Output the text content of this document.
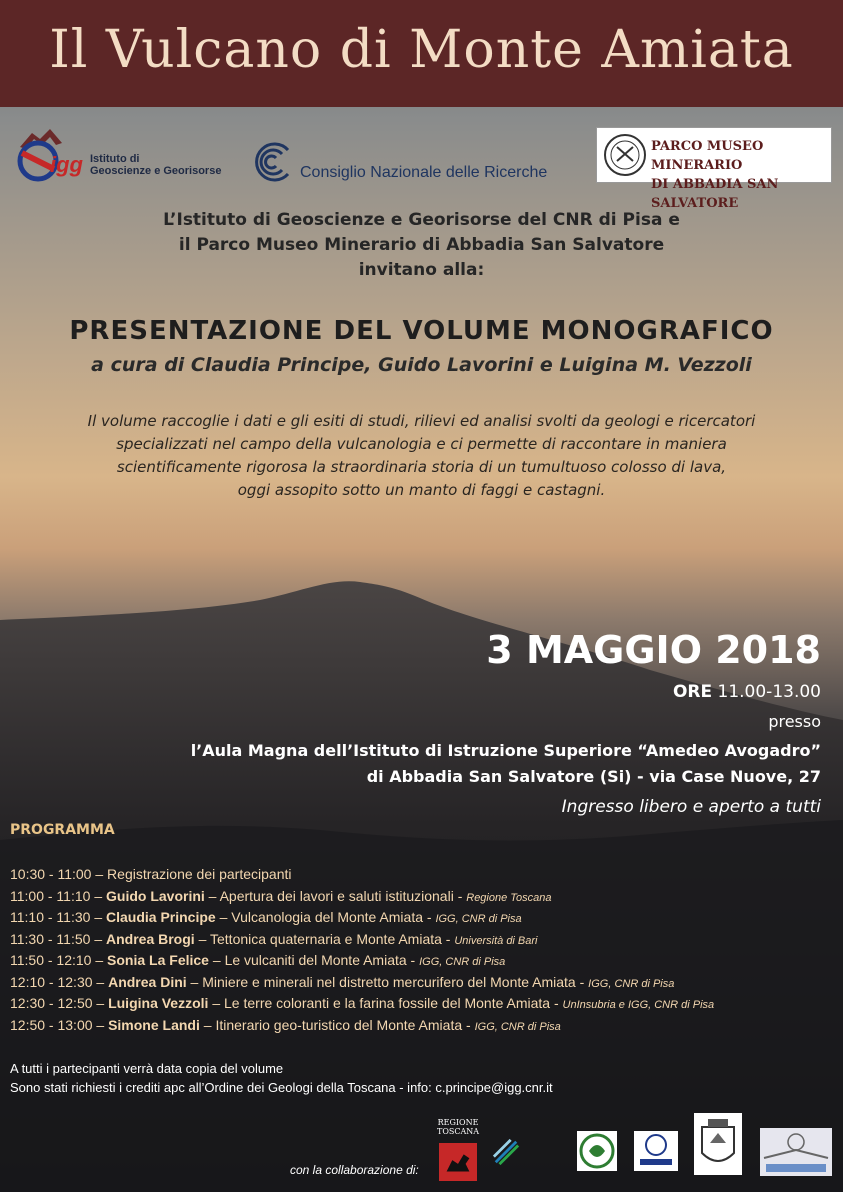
Il Vulcano di Monte Amiata
igg Istituto di
Geoscienze e Georisorse	Consiglio Nazionale delle Ricerche
PARCO MUSEO MINERARIO
DI ABBADIA SAN SALVATORE
L’Istituto di Geoscienze e Georisorse del CNR di Pisa e
il Parco Museo Minerario di Abbadia San Salvatore
invitano alla:
PRESENTAZIONE DEL VOLUME MONOGRAFICO
a cura di Claudia Principe, Guido Lavorini e Luigina M. Vezzoli
Il volume raccoglie i dati e gli esiti di studi, rilievi ed analisi svolti da geologi e ricercatori
specializzati nel campo della vulcanologia e ci permette di raccontare in maniera
scientificamente rigorosa la straordinaria storia di un tumultuoso colosso di lava,
oggi assopito sotto un manto di faggi e castagni.
3 MAGGIO 2018
ORE 11.00-13.00
presso
l’Aula Magna dell’Istituto di Istruzione Superiore “Amedeo Avogadro”
di Abbadia San Salvatore (Si) - via Case Nuove, 27
Ingresso libero e aperto a tutti
PROGRAMMA
10:30 - 11:00 – Registrazione dei partecipanti
11:00 - 11:10 – Guido Lavorini – Apertura dei lavori e saluti istituzionali - Regione Toscana
11:10 - 11:30 – Claudia Principe – Vulcanologia del Monte Amiata - IGG, CNR di Pisa
11:30 - 11:50 – Andrea Brogi – Tettonica quaternaria e Monte Amiata - Università di Bari
11:50 - 12:10 – Sonia La Felice – Le vulcaniti del Monte Amiata - IGG, CNR di Pisa
12:10 - 12:30 – Andrea Dini – Miniere e minerali nel distretto mercurifero del Monte Amiata - IGG, CNR di Pisa
12:30 - 12:50 – Luigina Vezzoli – Le terre coloranti e la farina fossile del Monte Amiata - UnInsubria e IGG, CNR di Pisa
12:50 - 13:00 – Simone Landi – Itinerario geo-turistico del Monte Amiata - IGG, CNR di Pisa
A tutti i partecipanti verrà data copia del volume
Sono stati richiesti i crediti apc all’Ordine dei Geologi della Toscana - info: c.principe@igg.cnr.it
con la collaborazione di:
REGIONE
TOSCANA
